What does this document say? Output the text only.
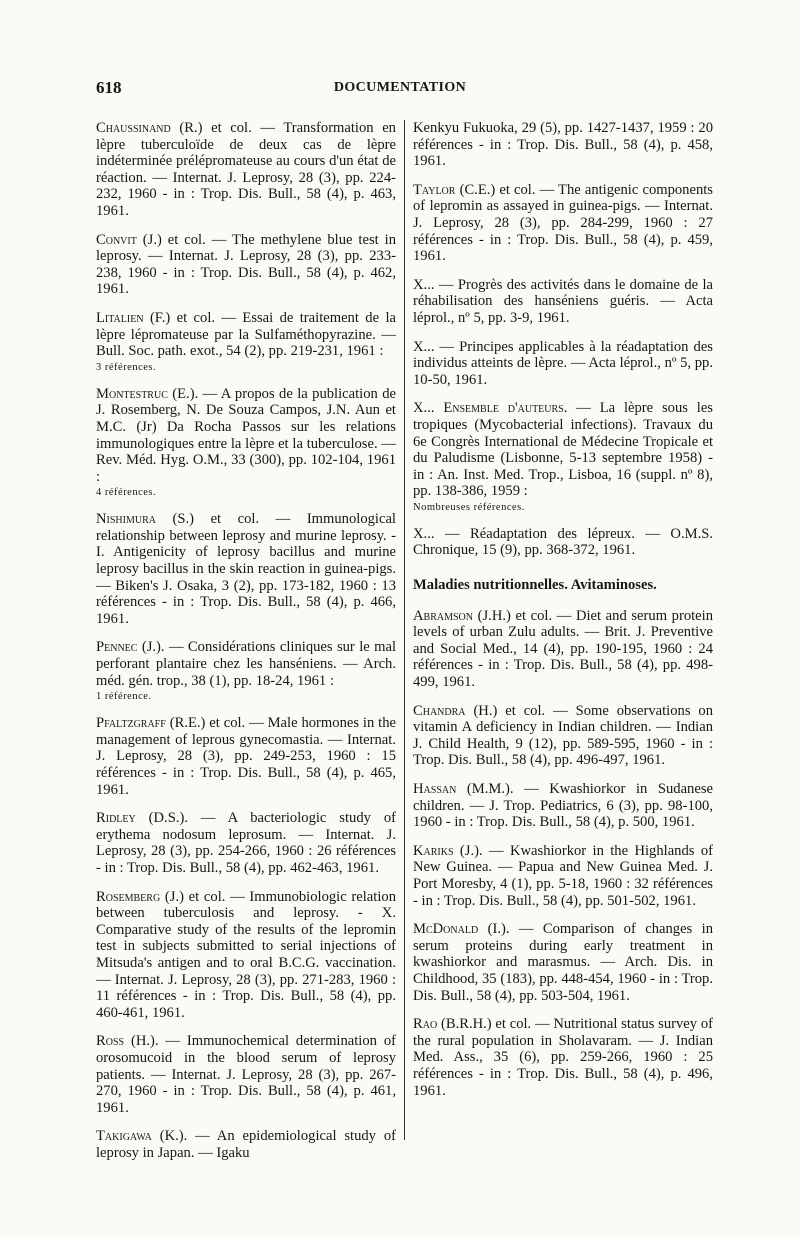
618	DOCUMENTATION

Chaussinand (R.) et col. — Transformation en lèpre tuberculoïde de deux cas de lèpre indéterminée prélépromateuse au cours d'un état de réaction. — Internat. J. Leprosy, 28 (3), pp. 224-232, 1960 - in : Trop. Dis. Bull., 58 (4), p. 463, 1961.

Convit (J.) et col. — The methylene blue test in leprosy. — Internat. J. Leprosy, 28 (3), pp. 233-238, 1960 - in : Trop. Dis. Bull., 58 (4), p. 462, 1961.

Litalien (F.) et col. — Essai de traitement de la lèpre lépromateuse par la Sulfaméthopyrazine. — Bull. Soc. path. exot., 54 (2), pp. 219-231, 1961 :
3 références.

Montestruc (E.). — A propos de la publication de J. Rosemberg, N. De Souza Campos, J.N. Aun et M.C. (Jr) Da Rocha Passos sur les relations immunologiques entre la lèpre et la tuberculose. — Rev. Méd. Hyg. O.M., 33 (300), pp. 102-104, 1961 :
4 références.

Nishimura (S.) et col. — Immunological relationship between leprosy and murine leprosy. - I. Antigenicity of leprosy bacillus and murine leprosy bacillus in the skin reaction in guinea-pigs. — Biken's J. Osaka, 3 (2), pp. 173-182, 1960 : 13 références - in : Trop. Dis. Bull., 58 (4), p. 466, 1961.

Pennec (J.). — Considérations cliniques sur le mal perforant plantaire chez les hanséniens. — Arch. méd. gén. trop., 38 (1), pp. 18-24, 1961 :
1 référence.

Pfaltzgraff (R.E.) et col. — Male hormones in the management of leprous gynecomastia. — Internat. J. Leprosy, 28 (3), pp. 249-253, 1960 : 15 références - in : Trop. Dis. Bull., 58 (4), p. 465, 1961.

Ridley (D.S.). — A bacteriologic study of erythema nodosum leprosum. — Internat. J. Leprosy, 28 (3), pp. 254-266, 1960 : 26 références - in : Trop. Dis. Bull., 58 (4), pp. 462-463, 1961.

Rosemberg (J.) et col. — Immunobiologic relation between tuberculosis and leprosy. - X. Comparative study of the results of the lepromin test in subjects submitted to serial injections of Mitsuda's antigen and to oral B.C.G. vaccination. — Internat. J. Leprosy, 28 (3), pp. 271-283, 1960 : 11 références - in : Trop. Dis. Bull., 58 (4), pp. 460-461, 1961.

Ross (H.). — Immunochemical determination of orosomucoid in the blood serum of leprosy patients. — Internat. J. Leprosy, 28 (3), pp. 267-270, 1960 - in : Trop. Dis. Bull., 58 (4), p. 461, 1961.

Takigawa (K.). — An epidemiological study of leprosy in Japan. — Igaku

Kenkyu Fukuoka, 29 (5), pp. 1427-1437, 1959 : 20 références - in : Trop. Dis. Bull., 58 (4), p. 458, 1961.

Taylor (C.E.) et col. — The antigenic components of lepromin as assayed in guinea-pigs. — Internat. J. Leprosy, 28 (3), pp. 284-299, 1960 : 27 références - in : Trop. Dis. Bull., 58 (4), p. 459, 1961.

X... — Progrès des activités dans le domaine de la réhabilisation des hanséniens guéris. — Acta léprol., nº 5, pp. 3-9, 1961.

X... — Principes applicables à la réadaptation des individus atteints de lèpre. — Acta léprol., nº 5, pp. 10-50, 1961.

X... Ensemble d'auteurs. — La lèpre sous les tropiques (Mycobacterial infections). Travaux du 6e Congrès International de Médecine Tropicale et du Paludisme (Lisbonne, 5-13 septembre 1958) - in : An. Inst. Med. Trop., Lisboa, 16 (suppl. nº 8), pp. 138-386, 1959 :
Nombreuses références.

X... — Réadaptation des lépreux. — O.M.S. Chronique, 15 (9), pp. 368-372, 1961.

Maladies nutritionnelles. Avitaminoses.

Abramson (J.H.) et col. — Diet and serum protein levels of urban Zulu adults. — Brit. J. Preventive and Social Med., 14 (4), pp. 190-195, 1960 : 24 références - in : Trop. Dis. Bull., 58 (4), pp. 498-499, 1961.

Chandra (H.) et col. — Some observations on vitamin A deficiency in Indian children. — Indian J. Child Health, 9 (12), pp. 589-595, 1960 - in : Trop. Dis. Bull., 58 (4), pp. 496-497, 1961.

Hassan (M.M.). — Kwashiorkor in Sudanese children. — J. Trop. Pediatrics, 6 (3), pp. 98-100, 1960 - in : Trop. Dis. Bull., 58 (4), p. 500, 1961.

Kariks (J.). — Kwashiorkor in the Highlands of New Guinea. — Papua and New Guinea Med. J. Port Moresby, 4 (1), pp. 5-18, 1960 : 32 références - in : Trop. Dis. Bull., 58 (4), pp. 501-502, 1961.

McDonald (I.). — Comparison of changes in serum proteins during early treatment in kwashiorkor and marasmus. — Arch. Dis. in Childhood, 35 (183), pp. 448-454, 1960 - in : Trop. Dis. Bull., 58 (4), pp. 503-504, 1961.

Rao (B.R.H.) et col. — Nutritional status survey of the rural population in Sholavaram. — J. Indian Med. Ass., 35 (6), pp. 259-266, 1960 : 25 références - in : Trop. Dis. Bull., 58 (4), p. 496, 1961.
